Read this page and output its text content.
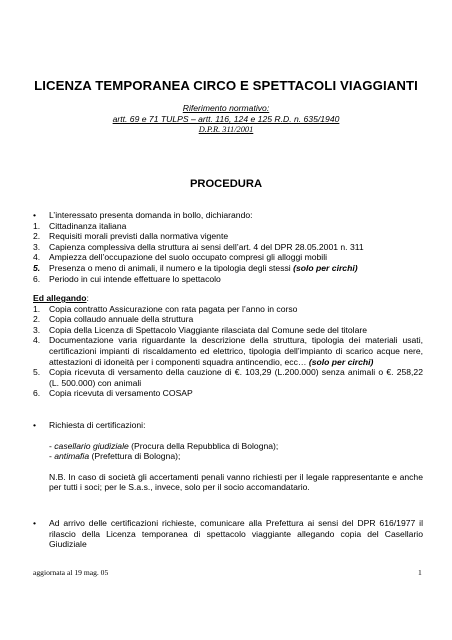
LICENZA TEMPORANEA CIRCO E SPETTACOLI VIAGGIANTI
Riferimento normativo:
artt. 69 e 71 TULPS – artt. 116, 124 e 125 R.D. n. 635/1940
D.P.R. 311/2001
PROCEDURA
•	L’interessato presenta domanda in bollo, dichiarando:
1.	Cittadinanza italiana
2.	Requisiti morali previsti dalla normativa vigente
3.	Capienza complessiva della struttura ai sensi dell’art. 4 del DPR 28.05.2001 n. 311
4.	Ampiezza dell’occupazione del suolo occupato compresi gli alloggi mobili
5.	Presenza o meno di animali, il numero e la tipologia degli stessi (solo per circhi)
6.	Periodo in cui intende effettuare lo spettacolo
Ed allegando:
1.	Copia contratto Assicurazione con rata pagata per l’anno in corso
2.	Copia collaudo annuale della struttura
3.	Copia della Licenza di Spettacolo Viaggiante rilasciata dal Comune sede del titolare
4.	Documentazione varia riguardante la descrizione della struttura, tipologia dei materiali usati, certificazioni impianti di riscaldamento ed elettrico, tipologia dell’impianto di scarico acque nere, attestazioni di idoneità per i componenti squadra antincendio, ecc… (solo per circhi)
5.	Copia ricevuta di versamento della cauzione di €. 103,29 (L.200.000) senza animali o €. 258,22 (L. 500.000) con animali
6.	Copia ricevuta di versamento COSAP
•	Richiesta di certificazioni:
- casellario giudiziale (Procura della Repubblica di Bologna);
- antimafia (Prefettura di Bologna);
N.B. In caso di società gli accertamenti penali vanno richiesti per il legale rappresentante e anche per tutti i soci; per le S.a.s., invece, solo per il socio accomandatario.
•	Ad arrivo delle certificazioni richieste, comunicare alla Prefettura ai sensi del DPR 616/1977 il rilascio della Licenza temporanea di spettacolo viaggiante allegando copia del Casellario Giudiziale
aggiornata al 19 mag. 05	1
